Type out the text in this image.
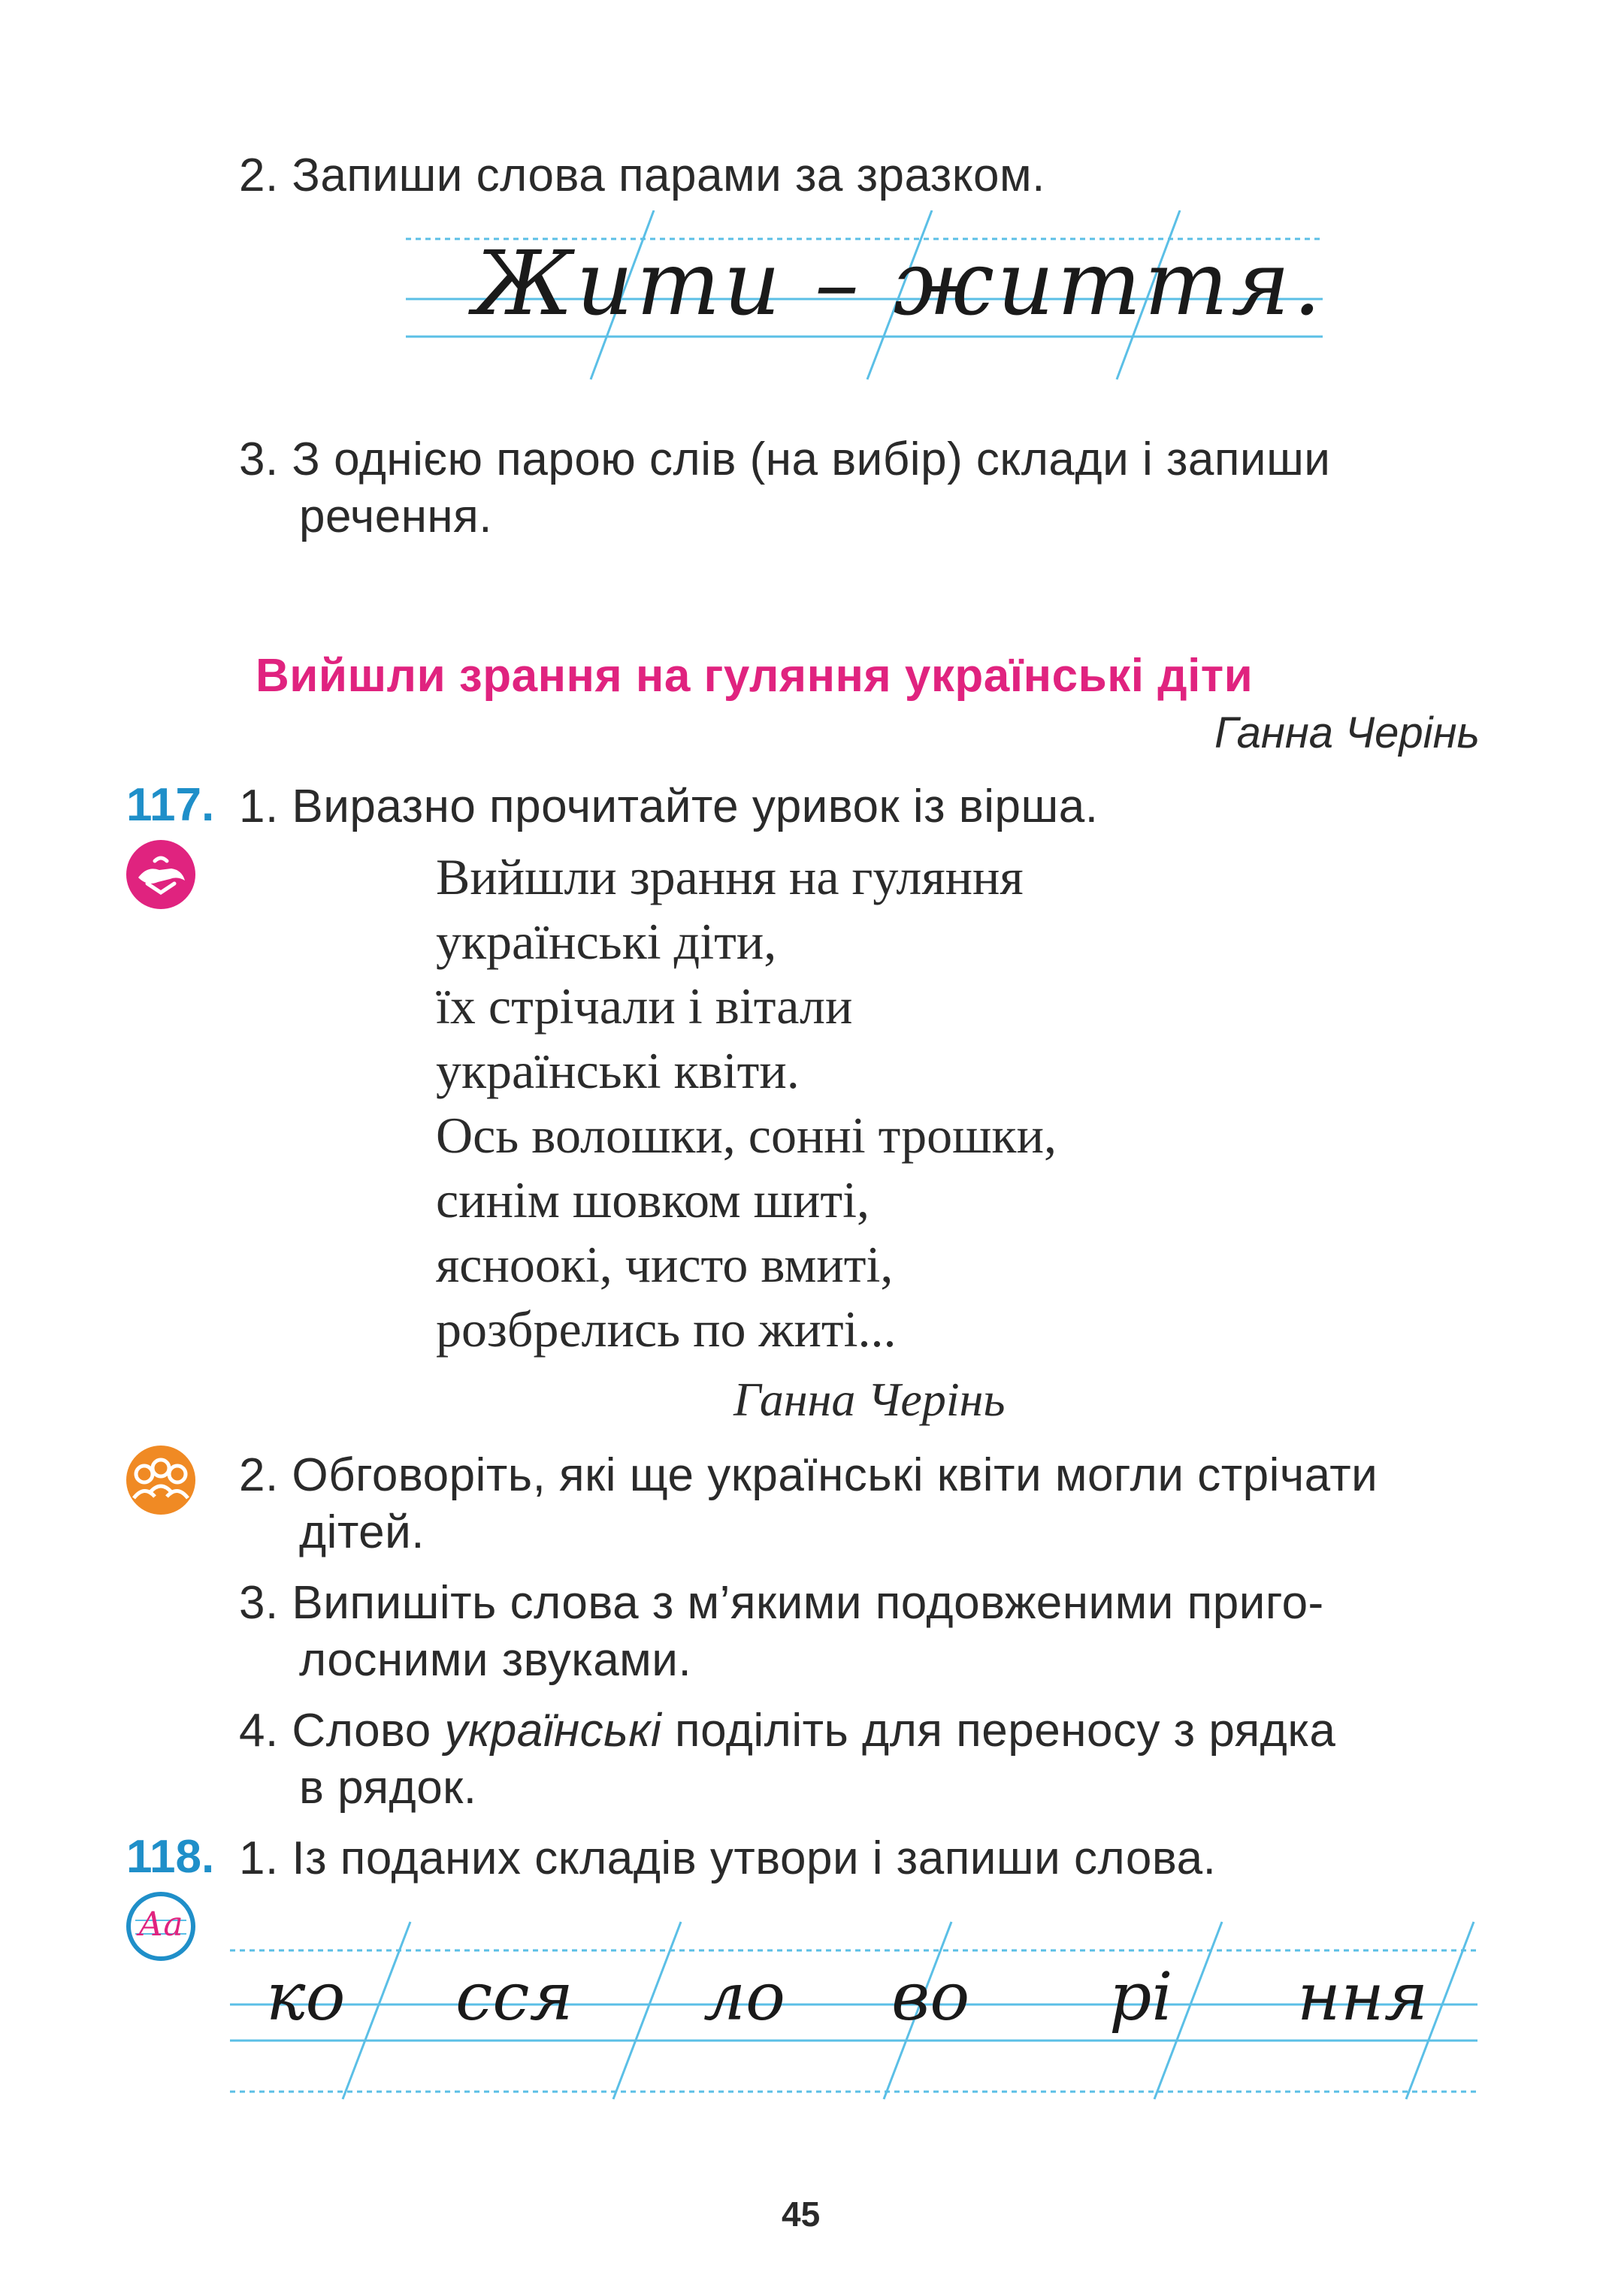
2. Запиши слова парами за зразком.
Жити – життя.
3. З однією парою слів (на вибір) склади і запиши
речення.
Вийшли зрання на гуляння українські діти
Ганна Черінь
117. 1. Виразно прочитайте уривок із вірша.
Вийшли зрання на гуляння
українські діти,
їх стрічали і вітали
українські квіти.
Ось волошки, сонні трошки,
синім шовком шиті,
ясноокі, чисто вмиті,
розбрелись по житі...
Ганна Черінь
2. Обговоріть, які ще українські квіти могли стрічати
дітей.
3. Випишіть слова з м’якими подовженими приго-
лосними звуками.
4. Слово українські поділіть для переносу з рядка
в рядок.
118. 1. Із поданих складів утвори і запиши слова.
Аа
ко сся ло во рі ння
45
